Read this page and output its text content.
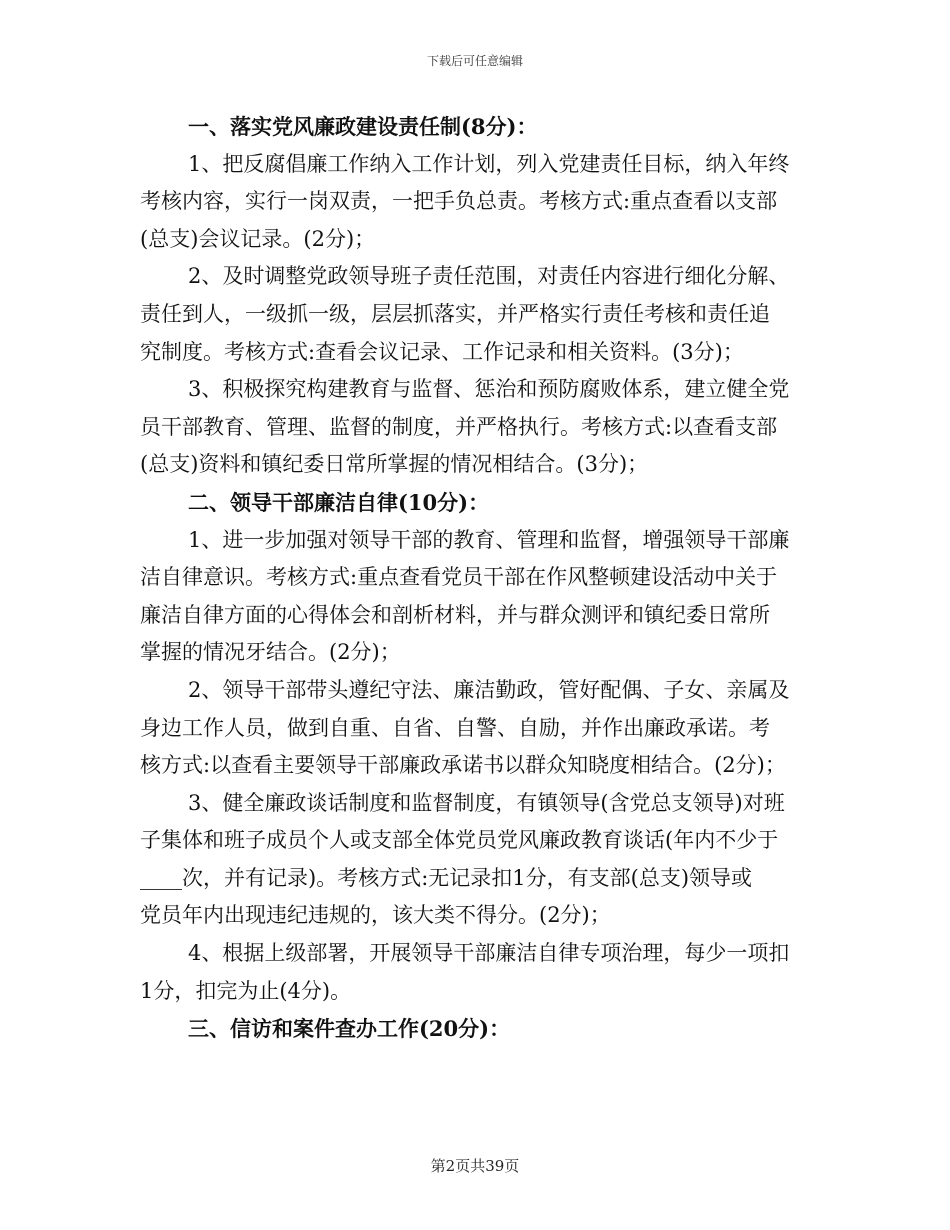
下载后可任意编辑
一、落实党风廉政建设责任制(8分)：
1、把反腐倡廉工作纳入工作计划，列入党建责任目标，纳入年终
考核内容，实行一岗双责，一把手负总责。考核方式:重点查看以支部
(总支)会议记录。(2分)；
2、及时调整党政领导班子责任范围，对责任内容进行细化分解、
责任到人，一级抓一级，层层抓落实，并严格实行责任考核和责任追
究制度。考核方式:查看会议记录、工作记录和相关资料。(3分)；
3、积极探究构建教育与监督、惩治和预防腐败体系，建立健全党
员干部教育、管理、监督的制度，并严格执行。考核方式:以查看支部
(总支)资料和镇纪委日常所掌握的情况相结合。(3分)；
二、领导干部廉洁自律(10分)：
1、进一步加强对领导干部的教育、管理和监督，增强领导干部廉
洁自律意识。考核方式:重点查看党员干部在作风整顿建设活动中关于
廉洁自律方面的心得体会和剖析材料，并与群众测评和镇纪委日常所
掌握的情况牙结合。(2分)；
2、领导干部带头遵纪守法、廉洁勤政，管好配偶、子女、亲属及
身边工作人员，做到自重、自省、自警、自励，并作出廉政承诺。考
核方式:以查看主要领导干部廉政承诺书以群众知晓度相结合。(2分)；
3、健全廉政谈话制度和监督制度，有镇领导(含党总支领导)对班
子集体和班子成员个人或支部全体党员党风廉政教育谈话(年内不少于
____次，并有记录)。考核方式:无记录扣1分，有支部(总支)领导或
党员年内出现违纪违规的，该大类不得分。(2分)；
4、根据上级部署，开展领导干部廉洁自律专项治理，每少一项扣
1分，扣完为止(4分)。
三、信访和案件查办工作(20分)：
第2页共39页
